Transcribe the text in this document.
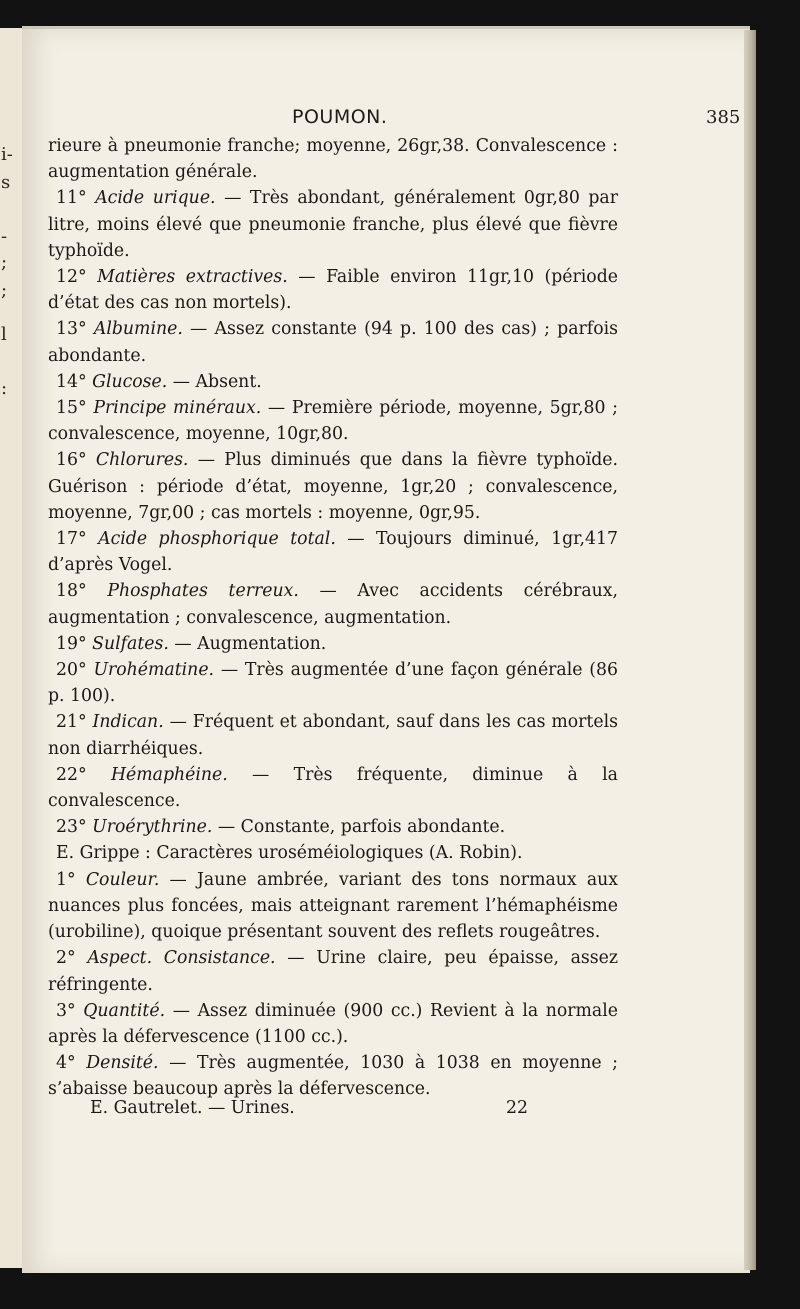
i-
s
-
;
;
l
:
POUMON.	385
rieure à pneumonie franche; moyenne, 26gr,38. Convalescence : augmentation générale.
11° Acide urique. — Très abondant, généralement 0gr,80 par litre, moins élevé que pneumonie franche, plus élevé que fièvre typhoïde.
12° Matières extractives. — Faible environ 11gr,10 (période d’état des cas non mortels).
13° Albumine. — Assez constante (94 p. 100 des cas) ; parfois abondante.
14° Glucose. — Absent.
15° Principe minéraux. — Première période, moyenne, 5gr,80 ; convalescence, moyenne, 10gr,80.
16° Chlorures. — Plus diminués que dans la fièvre typhoïde. Guérison : période d’état, moyenne, 1gr,20 ; convalescence, moyenne, 7gr,00 ; cas mortels : moyenne, 0gr,95.
17° Acide phosphorique total. — Toujours diminué, 1gr,417 d’après Vogel.
18° Phosphates terreux. — Avec accidents cérébraux, augmentation ; convalescence, augmentation.
19° Sulfates. — Augmentation.
20° Urohématine. — Très augmentée d’une façon générale (86 p. 100).
21° Indican. — Fréquent et abondant, sauf dans les cas mortels non diarrhéiques.
22° Hémaphéine. — Très fréquente, diminue à la convalescence.
23° Uroérythrine. — Constante, parfois abondante.
E. Grippe : Caractères uroséméiologiques (A. Robin).
1° Couleur. — Jaune ambrée, variant des tons normaux aux nuances plus foncées, mais atteignant rarement l’hémaphéisme (urobiline), quoique présentant souvent des reflets rougeâtres.
2° Aspect. Consistance. — Urine claire, peu épaisse, assez réfringente.
3° Quantité. — Assez diminuée (900 cc.) Revient à la normale après la défervescence (1100 cc.).
4° Densité. — Très augmentée, 1030 à 1038 en moyenne ; s’abaisse beaucoup après la défervescence.
E. Gautrelet. — Urines.	22
